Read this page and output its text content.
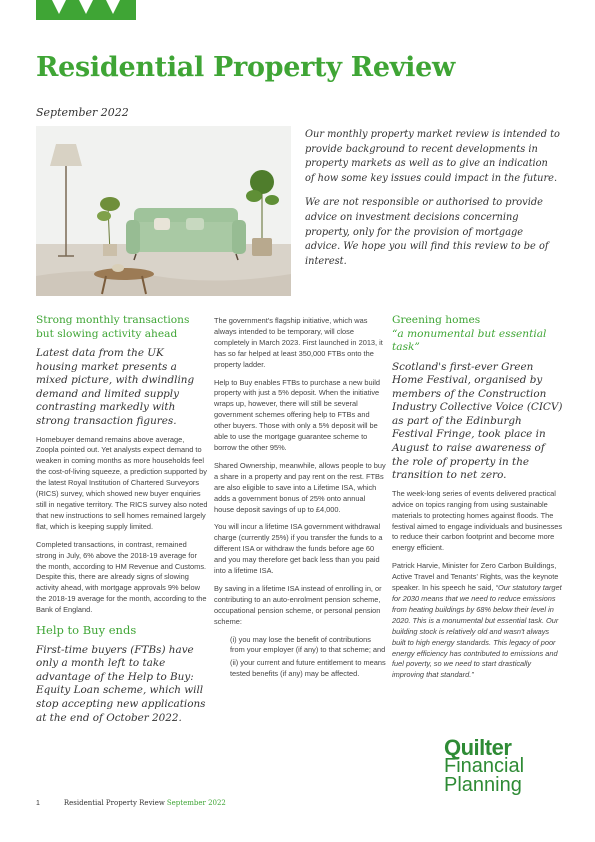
Residential Property Review
September 2022

Our monthly property market review is intended to provide background to recent developments in property markets as well as to give an indication of how some key issues could impact in the future.

We are not responsible or authorised to provide advice on investment decisions concerning property, only for the provision of mortgage advice. We hope you will find this review to be of interest.

Strong monthly transactions but slowing activity ahead
Latest data from the UK housing market presents a mixed picture, with dwindling demand and limited supply contrasting markedly with strong transaction figures.

Homebuyer demand remains above average, Zoopla pointed out. Yet analysts expect demand to weaken in coming months as more households feel the cost-of-living squeeze, a prediction supported by the latest Royal Institution of Chartered Surveyors (RICS) survey, which showed new buyer enquiries still in negative territory. The RICS survey also noted that new instructions to sell homes remained largely flat, which is keeping supply limited.

Completed transactions, in contrast, remained strong in July, 6% above the 2018-19 average for the month, according to HM Revenue and Customs. Despite this, there are already signs of slowing activity ahead, with mortgage approvals 9% below the 2018-19 average for the month, according to the Bank of England.

Help to Buy ends
First-time buyers (FTBs) have only a month left to take advantage of the Help to Buy: Equity Loan scheme, which will stop accepting new applications at the end of October 2022.

The government's flagship initiative, which was always intended to be temporary, will close completely in March 2023. First launched in 2013, it has so far helped at least 350,000 FTBs onto the property ladder.

Help to Buy enables FTBs to purchase a new build property with just a 5% deposit. When the initiative wraps up, however, there will still be several government schemes offering help to FTBs and other buyers. Those with only a 5% deposit will be able to use the mortgage guarantee scheme to borrow the other 95%.

Shared Ownership, meanwhile, allows people to buy a share in a property and pay rent on the rest. FTBs are also eligible to save into a Lifetime ISA, which adds a government bonus of 25% onto annual house deposit savings of up to £4,000.

You will incur a lifetime ISA government withdrawal charge (currently 25%) if you transfer the funds to a different ISA or withdraw the funds before age 60 and you may therefore get back less than you paid into a lifetime ISA.

By saving in a lifetime ISA instead of enrolling in, or contributing to an auto-enrolment pension scheme, occupational pension scheme, or personal pension scheme:

(i) you may lose the benefit of contributions from your employer (if any) to that scheme; and

(ii) your current and future entitlement to means tested benefits (if any) may be affected.

Greening homes
“a monumental but essential task”
Scotland's first-ever Green Home Festival, organised by members of the Construction Industry Collective Voice (CICV) as part of the Edinburgh Festival Fringe, took place in August to raise awareness of the role of property in the transition to net zero.

The week-long series of events delivered practical advice on topics ranging from using sustainable materials to protecting homes against floods. The festival aimed to engage individuals and businesses to reduce their carbon footprint and become more energy efficient.

Patrick Harvie, Minister for Zero Carbon Buildings, Active Travel and Tenants' Rights, was the keynote speaker. In his speech he said, “Our statutory target for 2030 means that we need to reduce emissions from heating buildings by 68% below their level in 2020. This is a monumental but essential task. Our building stock is relatively old and wasn't always built to high energy standards. This legacy of poor energy efficiency has contributed to emissions and fuel poverty, so we need to start drastically improving that standard.”

Quilter
Financial
Planning
1	Residential Property Review September 2022
